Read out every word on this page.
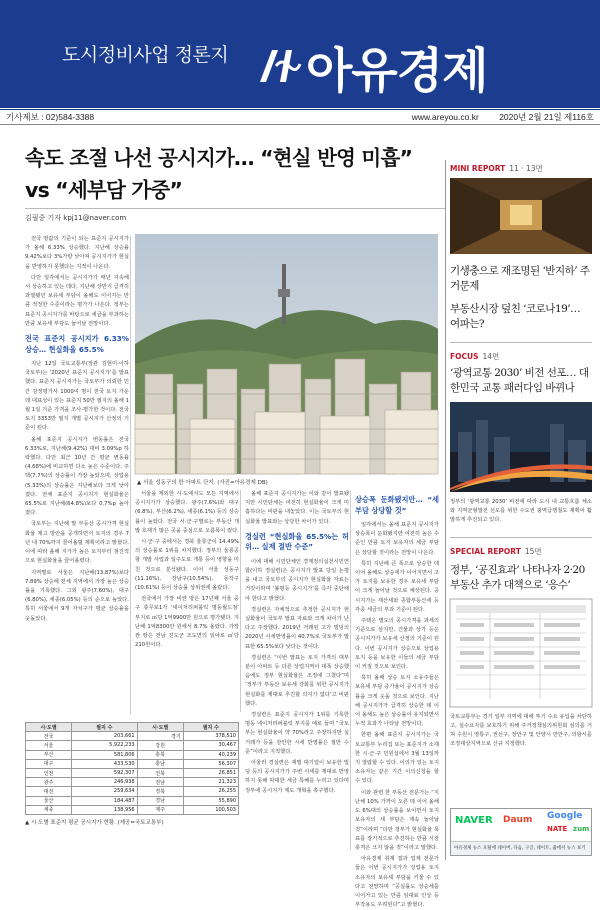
도시정비사업 정론지 아유경제
기사제보 : 02)584-3388	www.areyou.co.kr 2020년 2월 21일 제116호
속도 조절 나선 공시지가… “현실 반영 미흡”
vs “세부담 가중”
김필중 기자 kpj11@naver.com

전국 땅값의 기준이 되는 표준지 공시지가가 올해 6.33% 상승했다. 지난해 상승률 9.42%보다 3%가량 낮아져 공시지가가 현실을 반영하지 못했다는 지적이 나온다.

다만 일각에서는 공시지가가 매년 지속해서 상승하고 있는 데다, 지난해 상반기 급격히 과열됐던 보유세 부담이 올해도 이어지는 만큼 적정한 수준이라는 평가가 나온다. 정부는 표준지 공시지가를 바탕으로 세금을 부과하는 만큼 보유세 부담도 늘어날 전망이다.

전국 표준지 공시지가 6.33% 상승… 현실화율 65.5%

지난 12일 국토교통부(장관 김현미·이하 국토부)는 ‘2020년 표준지 공시지가’를 발표했다. 표준지 공시지가는 국토부가 의뢰한 민간 감정평가사 1000여 명이 전국 토지 가운데 대표성이 있는 표준지 50만 필지의 올해 1월 1일 기준 가격을 조사·평가한 것이다. 전국 토지 3353만 필지 개별 공시지가 산정의 기준이 된다.

올해 표준지 공시지가 변동률은 전국 6.33%로, 지난해(9.42%) 대비 3.09%p 하락했다. 다만 최근 10년 간 평균 변동률(4.68%)에 비교하면 다소 높은 수준이다. 주택(7.7%)의 상승률이 가장 높았으며, 상업용(5.33%)의 상승률은 지난해보다 크게 낮아졌다. 전체 표준지 공시지가 현실화율은 65.5%로 지난해(64.8%)보다 0.7%p 높아졌다.

국토부는 지난해 말 부동산 공시가격 현실화율 제고 방안을 공개하면서 토지의 경우 7년 내 70%까지 끌어올릴 계획이라고 밝혔다. 이에 따라 올해 지가가 높은 토지부터 점진적으로 현실화율을 끌어올렸다.

지역별로 서울은 지난해(13.87%)보다 7.89% 상승해 전체 지역에서 가장 높은 상승률을 기록했다. 그외 광주(7.60%), 대구(6.80%), 세종(6.05%) 등의 순으로 높았다. 특히 서울에서 9개 자치구가 평균 상승률을 웃돌았다.

서울을 제외한 시·도에서도 모든 지역에서 공시지가가 상승했다. 광주(7.6%)와 대구(6.8%), 부산(6.2%), 세종(6.1%) 등의 상승률이 높았다. 전국 시·군·구별로는 부동산 개발 호재가 많은 곳을 중심으로 오름폭이 컸다.

시·군·구 중에서는 경북 울릉군이 14.49%의 상승률로 1위를 차지했다. 정부의 울릉공항 개발 사업과 일주도로 개통 등이 영향을 미친 것으로 분석됐다. 이어 서울 성동구(11.16%), 강남구(10.54%), 동작구(10.61%) 등이 상승률 상위권에 올랐다.

전국에서 가장 비싼 땅은 17년째 서울 중구 충무로1가 ‘네이처리퍼블릭 명동월드점’ 부지로 ㎡당 1억9900만 원으로 평가됐다. 지난해 1억8300만 원에서 8.7% 올랐다. 가장 싼 땅은 전남 진도군 조도면의 임야로 ㎡당 210원이다.

시·도별	필지 수	시·도별	필지 수
전국	203,661	경기	378,510
서울	5,922,233	강원	30,467
부산	581,806	충북	40,239
대구	433,530	충남	56,307
인천	592,307	전북	26,851
광주	246,938	전남	21,323
대전	259,634	경북	26,255
울산	184,487	경남	55,890
세종	138,956	제주	100,503
▲ 시·도별 표준지 평균 공시지가 현황. (제공=국토교통부)
▲ 서울 성동구의 한 아파트 단지. (사진=아유경제 DB)

올해 표준지 공시지가는 이와 같이 발표됐지만 시민단체는 여전히 현실화율이 크게 미흡하다는 비판을 내놓았다. 이는 국토부의 현실화율 발표와는 상당한 차이가 있다.

경실련 “현실화율 65.5%는 허위… 실제 절반 수준”

이에 대해 시민단체인 경제정의실천시민연합(이하 경실련)은 공시지가 발표 당일 논평을 내고 국토부의 공시지가 현실화율 자료는 거짓이라며 ‘불평등 공시지가’를 즉각 중단해야 한다고 밝혔다.

경실련은 자체적으로 추정한 공시지가 현실화율이 국토부 발표 자료와 크게 차이가 난다고 주장했다. 2019년 거래된 고가 빌딩의 2020년 시세반영률이 40.7%로 국토부가 발표한 65.5%보다 낮다는 것이다.

경실련은 “이번 발표는 토지 가격의 대부분이 아파트 등 다른 상업지역이 대폭 상승했음에도 정부 현실화율은 조정에 그쳤다”며 ‘정부가 부동산 보유세 강화를 위한 공시지가 현실화를 제대로 추진할 의지가 없다’고 비판했다.

경실련은 표준지 공시지가 1위를 기록한 명동 네이처리퍼블릭 부지를 예로 들며 “국토부는 현실화율이 약 70%라고 주장하지만 실거래가 등을 감안한 시세 반영률은 절반 수준”이라고 지적했다.

아울러 경실련은 재벌 대기업이 보유한 빌딩 등의 공시지가가 주변 시세를 제대로 반영하지 못해 막대한 세금 특혜를 누리고 있다며 정부에 공시지가 제도 개혁을 촉구했다.

상승폭 둔화됐지만… “세부담 상당할 것”

일각에서는 올해 표준지 공시지가 상승폭이 둔화됐지만 여전히 높은 수준인 만큼 토지 보유자의 세금 부담은 상당할 것이라는 전망이 나온다.

특히 지난해 큰 폭으로 상승한 데 이어 올해도 상승세가 이어지면서 고가 토지를 보유한 경우 보유세 부담이 크게 늘어날 것으로 예상된다. 공시지가는 재산세와 종합부동산세 등 각종 세금의 부과 기준이 된다.

주택은 별도의 공시가격을 과세의 기준으로 삼지만, 건물과 상가 등은 공시지가가 보유세 산정의 기준이 된다. 이번 공시지가 상승으로 상업용 토지 등을 보유한 이들의 세금 부담이 커질 것으로 보인다.

특히 올해 상승 토지 소유주들은 보유세 부담 증가율이 공시지가 상승률을 크게 웃돌 것으로 보인다. 지난해 공시지가가 급격히 상승한 데 이어 올해도 높은 상승률이 유지되면서 누적 효과가 나타날 전망이다.

한편 올해 표준지 공시지가는 국토교통부 누리집 또는 표준지가 소재한 시·군·구 민원실에서 3월 13일까지 열람할 수 있다. 이의가 있는 토지 소유자는 같은 기간 이의신청을 할 수 있다.

이와 관련 한 부동산 전문가는 “지난해 10% 가까이 오른 데 이어 올해도 6%대의 상승률을 보이면서 토지 보유자의 세 부담은 계속 늘어날 것”이라며 “다만 정부가 현실화율 목표를 장기적으로 추진하는 만큼 시장 충격은 크지 않을 것”이라고 말했다.

아유경제 취재 결과 업계 전문가들은 이번 공시지가가 상업용 토지 소유자의 보유세 부담을 키울 수 있다고 전망하며 “공실률도 상승세를 이어가고 있는 만큼 임대료 인상 등 부작용도 우려된다”고 밝혔다.

MINI REPORT 11 · 13면
기생충으로 재조명된 ‘반지하’ 주거문제
부동산시장 덮친 ‘코로나19’… 여파는?
FOCUS 14면
‘광역교통 2030’ 비전 선포… 대한민국 교통 패러다임 바뀌나
정부의 ‘광역교통 2030’ 비전에 따라 도시 내 교통흐름 체소와 지역균형발전 선도를 위한 수도권 광역급행철도 계획이 활발하게 추진되고 있다.
SPECIAL REPORT 15면
정부, ‘공진효과’ 나타나자 2·20 부동산 추가 대책으로 ‘응수’
국토교통부는 경기 일부 지역에 대해 투기 수요 유입을 차단하고, 실수요자를 보호하기 위해 주거정책심의위원회 심의를 거쳐 수원시 영통구, 권선구, 장안구 및 안양시 만안구, 의왕시를 조정대상지역으로 신규 지정했다.
NAVER Daum Google
NATE zum
아유경제 뉴스 포털에 네이버, 다음, 구글, 네이트, 줌에서 뉴스 보기
